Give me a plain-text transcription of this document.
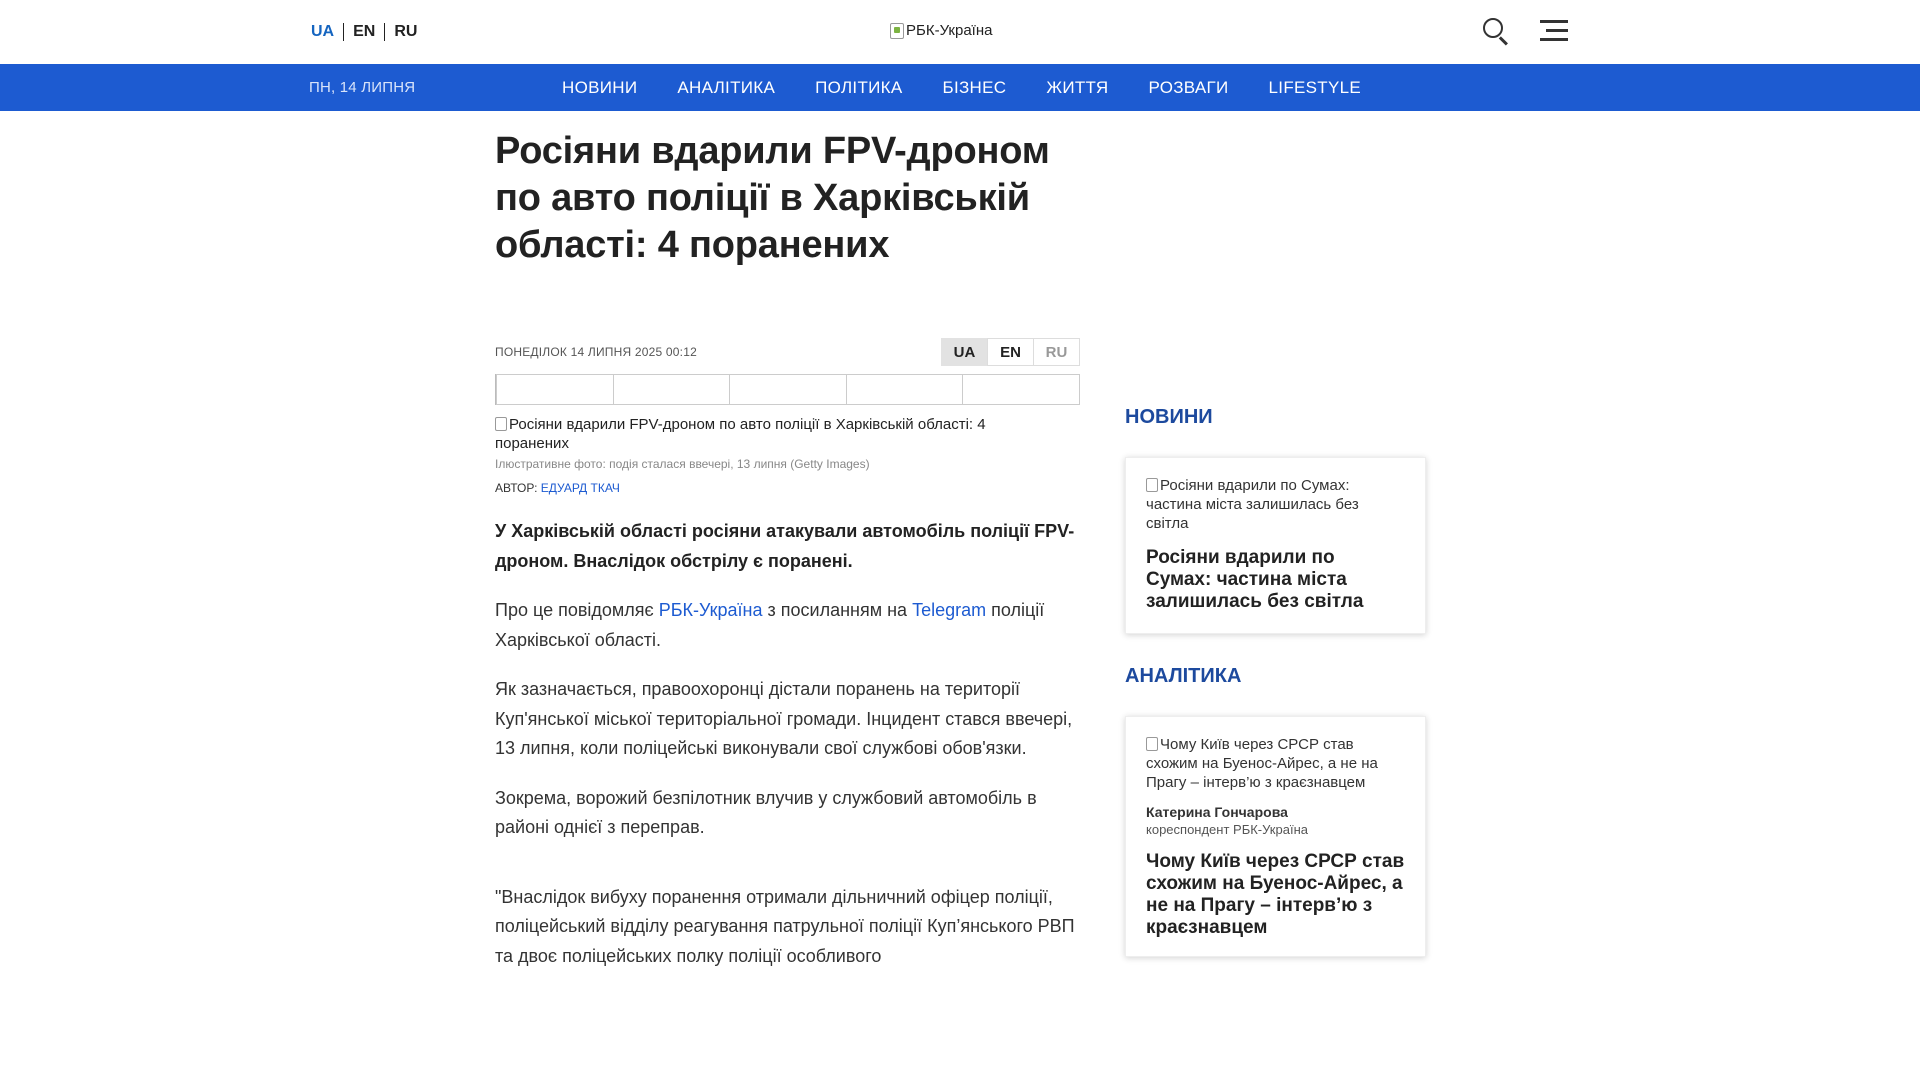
UA	EN	RU	РБК-Україна
ПН, 14 ЛИПНЯ	НОВИНИ	АНАЛІТИКА	ПОЛІТИКА	БІЗНЕС	ЖИТТЯ	РОЗВАГИ	LIFESTYLE
Росіяни вдарили FPV-дроном по авто поліції в Харківській області: 4 поранених
ПОНЕДІЛОК 14 ЛИПНЯ 2025 00:12	UA	EN	RU
Росіяни вдарили FPV-дроном по авто поліції в Харківській області: 4 поранених
Ілюстративне фото: подія сталася ввечері, 13 липня (Getty Images)
АВТОР: ЕДУАРД ТКАЧ

У Харківській області росіяни атакували автомобіль поліції FPV-дроном. Внаслідок обстрілу є поранені.

Про це повідомляє РБК-Україна з посиланням на Telegram поліції Харківської області.

Як зазначається, правоохоронці дістали поранень на території Куп'янської міської територіальної громади. Інцидент стався ввечері, 13 липня, коли поліцейські виконували свої службові обов'язки.

Зокрема, ворожий безпілотник влучив у службовий автомобіль в районі однієї з переправ.

"Внаслідок вибуху поранення отримали дільничний офіцер поліції, поліцейський відділу реагування патрульної поліції Куп’янського РВП та двоє поліцейських полку поліції особливого

НОВИНИ
Росіяни вдарили по Сумах: частина міста залишилась без світла
Росіяни вдарили по Сумах: частина міста залишилась без світла
АНАЛІТИКА
Чому Київ через СРСР став схожим на Буенос-Айрес, а не на Прагу – інтерв’ю з краєзнавцем
Катерина Гончарова
кореспондент РБК-Україна
Чому Київ через СРСР став схожим на Буенос-Айрес, а не на Прагу – інтерв’ю з краєзнавцем
